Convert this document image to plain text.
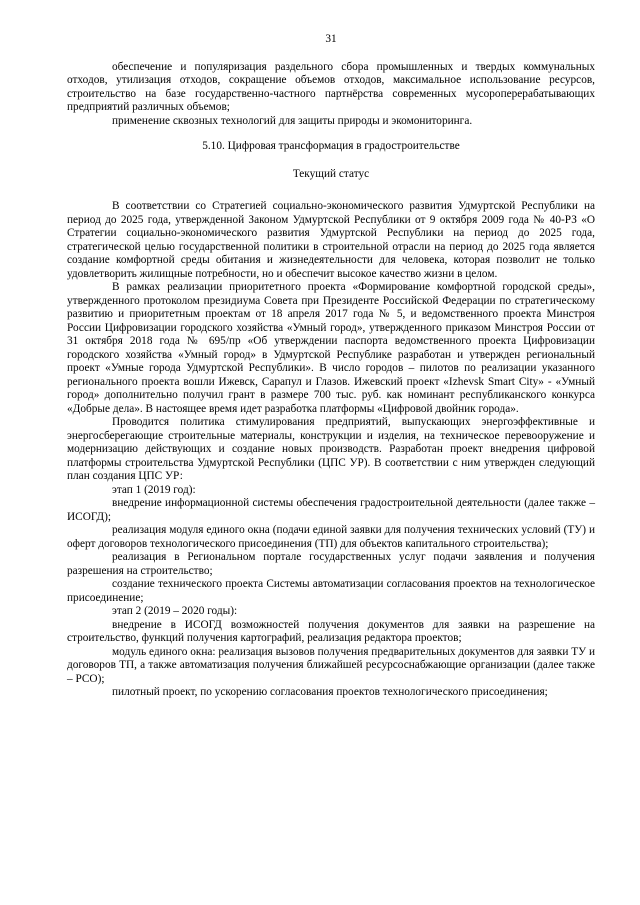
31

обеспечение и популяризация раздельного сбора промышленных и твердых коммунальных отходов, утилизация отходов, сокращение объемов отходов, максимальное использование ресурсов, строительство на базе государственно-частного партнёрства современных мусороперерабатывающих предприятий различных объемов;

применение сквозных технологий для защиты природы и экомониторинга.

5.10. Цифровая трансформация в градостроительстве
Текущий статус

В соответствии со Стратегией социально-экономического развития Удмуртской Республики на период до 2025 года, утвержденной Законом Удмуртской Республики от 9 октября 2009 года № 40-РЗ «О Стратегии социально-экономического развития Удмуртской Республики на период до 2025 года, стратегической целью государственной политики в строительной отрасли на период до 2025 года является создание комфортной среды обитания и жизнедеятельности для человека, которая позволит не только удовлетворить жилищные потребности, но и обеспечит высокое качество жизни в целом.

В рамках реализации приоритетного проекта «Формирование комфортной городской среды», утвержденного протоколом президиума Совета при Президенте Российской Федерации по стратегическому развитию и приоритетным проектам от 18 апреля 2017 года № 5, и ведомственного проекта Минстроя России Цифровизации городского хозяйства «Умный город», утвержденного приказом Минстроя России от 31 октября 2018 года № 695/пр «Об утверждении паспорта ведомственного проекта Цифровизации городского хозяйства «Умный город» в Удмуртской Республике разработан и утвержден региональный проект «Умные города Удмуртской Республики». В число городов – пилотов по реализации указанного регионального проекта вошли Ижевск, Сарапул и Глазов. Ижевский проект «Izhevsk Smart City» - «Умный город» дополнительно получил грант в размере 700 тыс. руб. как номинант республиканского конкурса «Добрые дела». В настоящее время идет разработка платформы «Цифровой двойник города».

Проводится политика стимулирования предприятий, выпускающих энергоэффективные и энергосберегающие строительные материалы, конструкции и изделия, на техническое перевооружение и модернизацию действующих и создание новых производств. Разработан проект внедрения цифровой платформы строительства Удмуртской Республики (ЦПС УР). В соответствии с ним утвержден следующий план создания ЦПС УР:

этап 1 (2019 год):

внедрение информационной системы обеспечения градостроительной деятельности (далее также – ИСОГД);

реализация модуля единого окна (подачи единой заявки для получения технических условий (ТУ) и оферт договоров технологического присоединения (ТП) для объектов капитального строительства);

реализация в Региональном портале государственных услуг подачи заявления и получения разрешения на строительство;

создание технического проекта Системы автоматизации согласования проектов на технологическое присоединение;

этап 2 (2019 – 2020 годы):

внедрение в ИСОГД возможностей получения документов для заявки на разрешение на строительство, функций получения картографий, реализация редактора проектов;

модуль единого окна: реализация вызовов получения предварительных документов для заявки ТУ и договоров ТП, а также автоматизация получения ближайшей ресурсоснабжающие организации (далее также – РСО);

пилотный проект, по ускорению согласования проектов технологического присоединения;
